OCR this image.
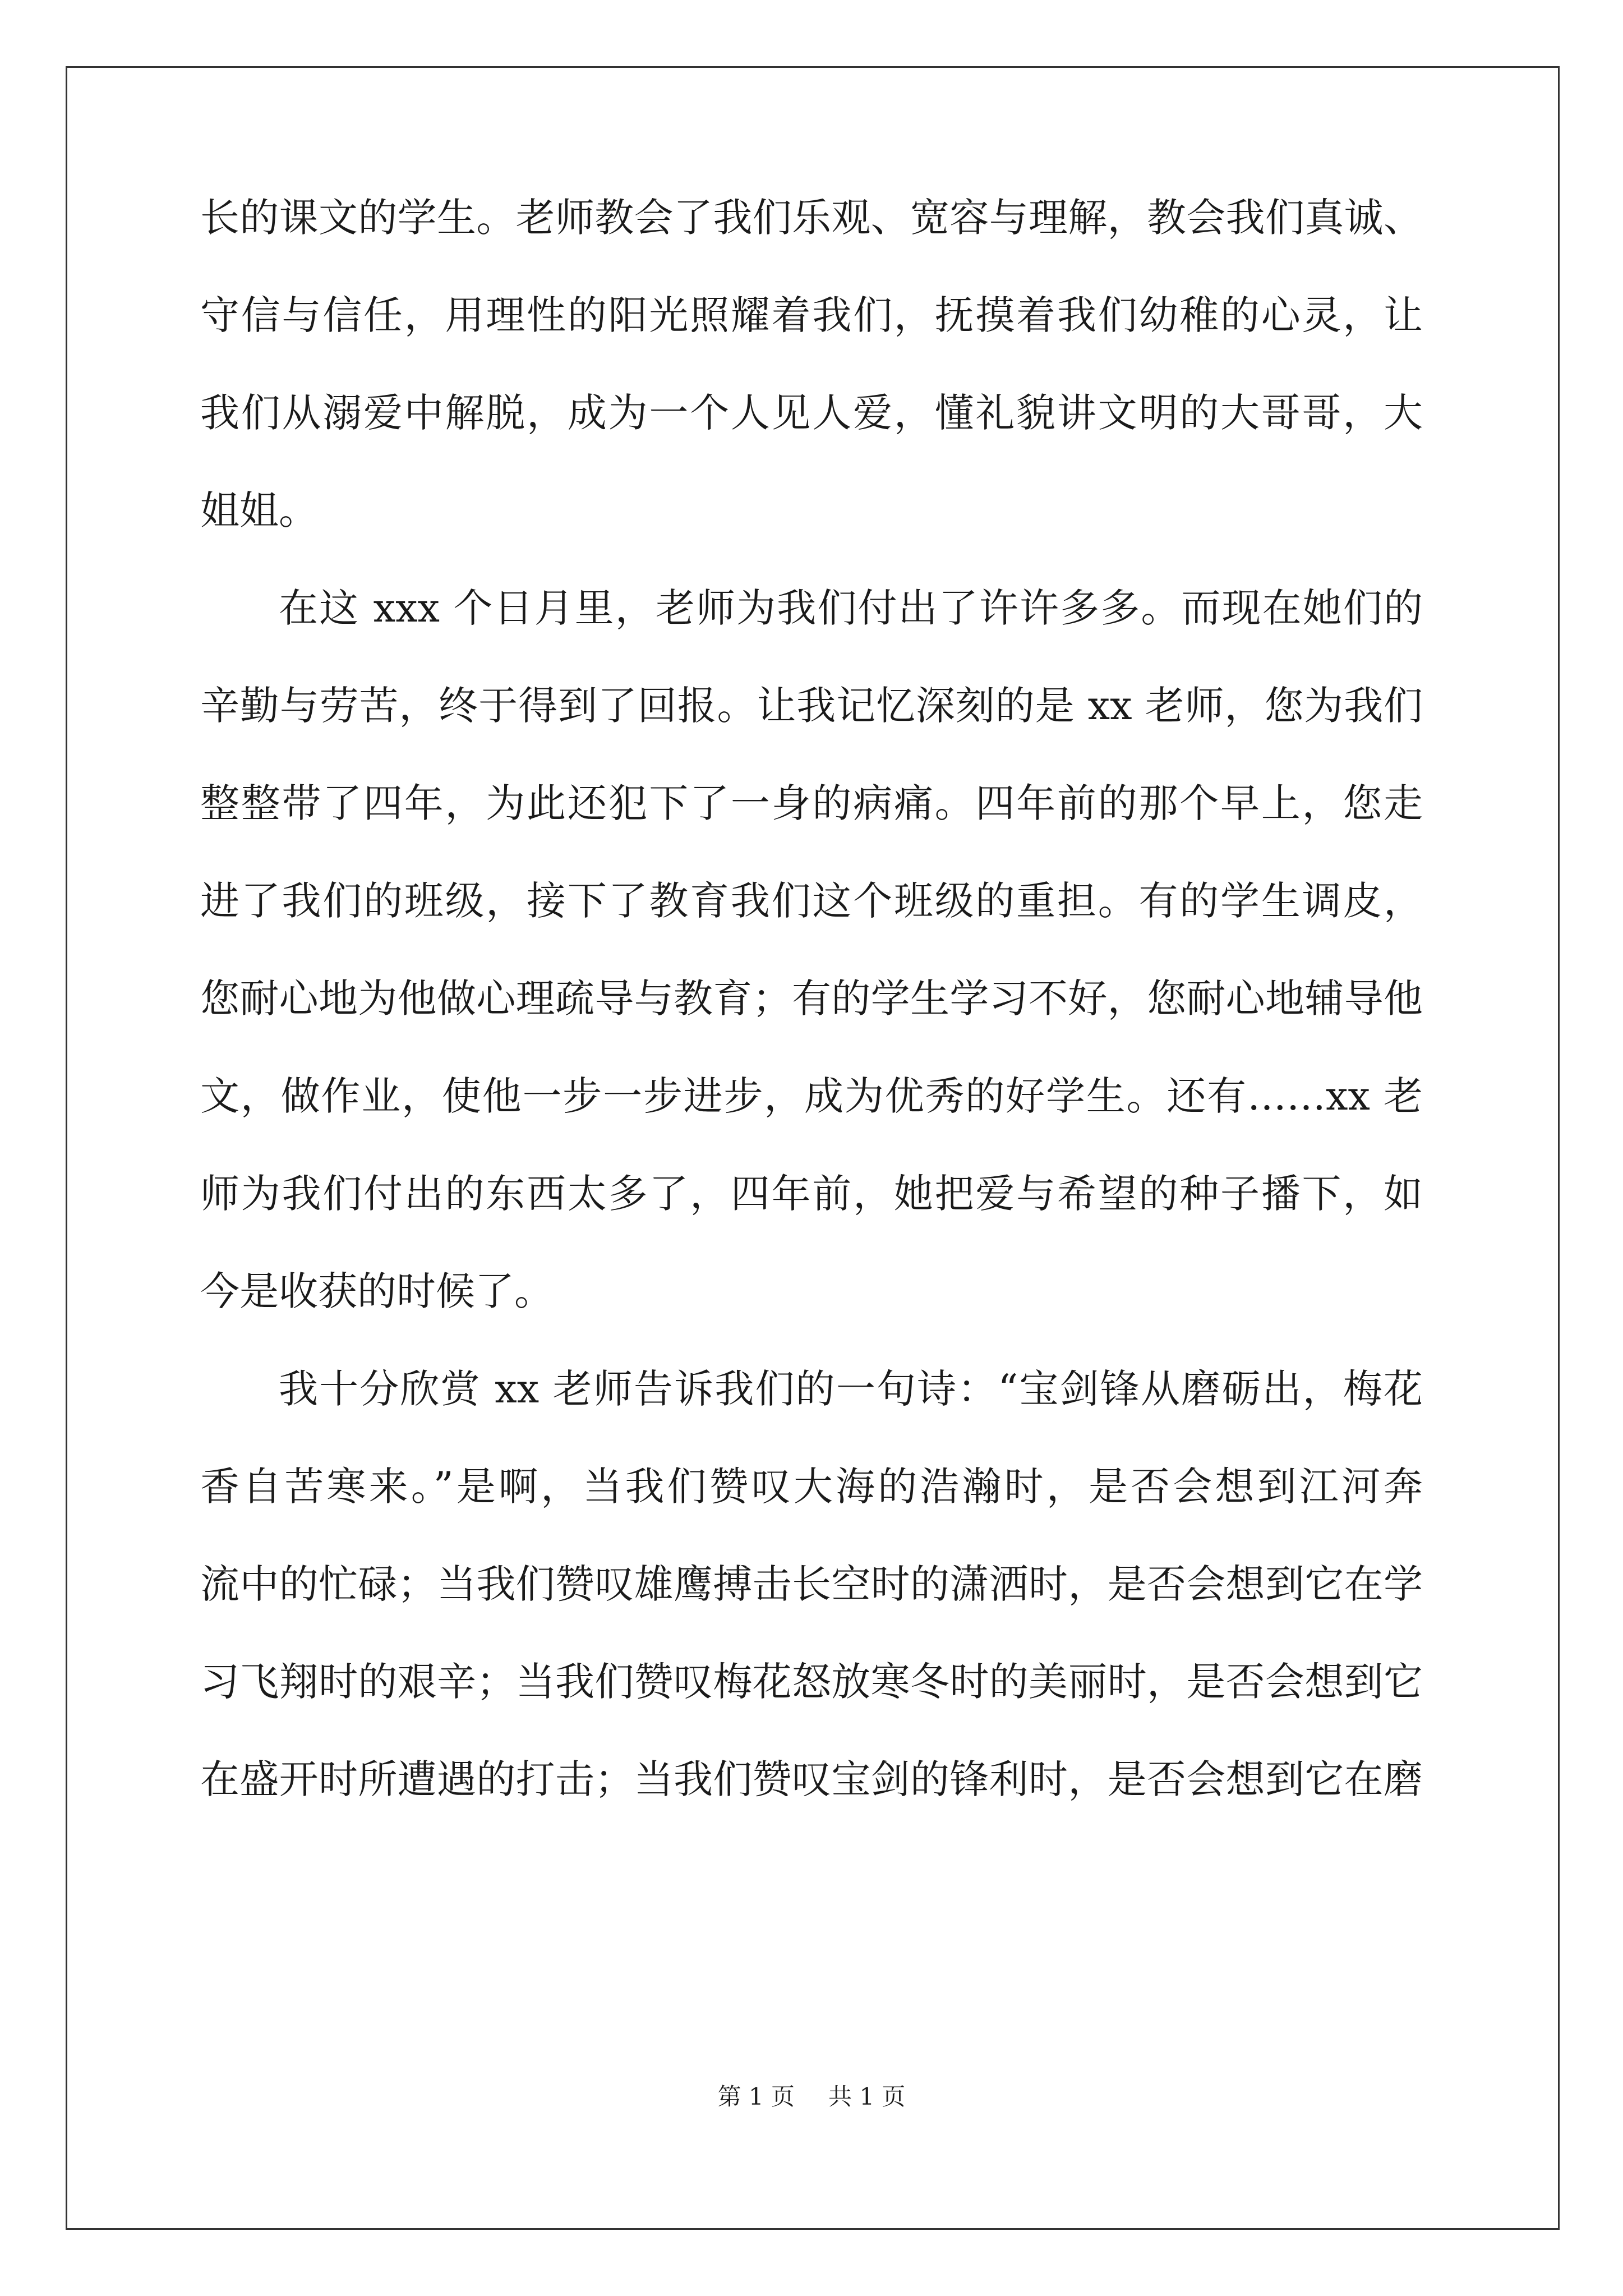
长的课文的学生。老师教会了我们乐观、宽容与理解，教会我们真诚、
守信与信任，用理性的阳光照耀着我们，抚摸着我们幼稚的心灵，让
我们从溺爱中解脱，成为一个人见人爱，懂礼貌讲文明的大哥哥，大
姐姐。
在这 xxx 个日月里，老师为我们付出了许许多多。而现在她们的
辛勤与劳苦，终于得到了回报。让我记忆深刻的是 xx 老师，您为我们
整整带了四年，为此还犯下了一身的病痛。四年前的那个早上，您走
进了我们的班级，接下了教育我们这个班级的重担。有的学生调皮，
您耐心地为他做心理疏导与教育；有的学生学习不好，您耐心地辅导他
文，做作业，使他一步一步进步，成为优秀的好学生。还有……xx 老
师为我们付出的东西太多了，四年前，她把爱与希望的种子播下，如
今是收获的时候了。
我十分欣赏 xx 老师告诉我们的一句诗：“宝剑锋从磨砺出，梅花
香自苦寒来。”是啊，当我们赞叹大海的浩瀚时，是否会想到江河奔
流中的忙碌；当我们赞叹雄鹰搏击长空时的潇洒时，是否会想到它在学
习飞翔时的艰辛；当我们赞叹梅花怒放寒冬时的美丽时，是否会想到它
在盛开时所遭遇的打击；当我们赞叹宝剑的锋利时，是否会想到它在磨
第 1 页 共 1 页
